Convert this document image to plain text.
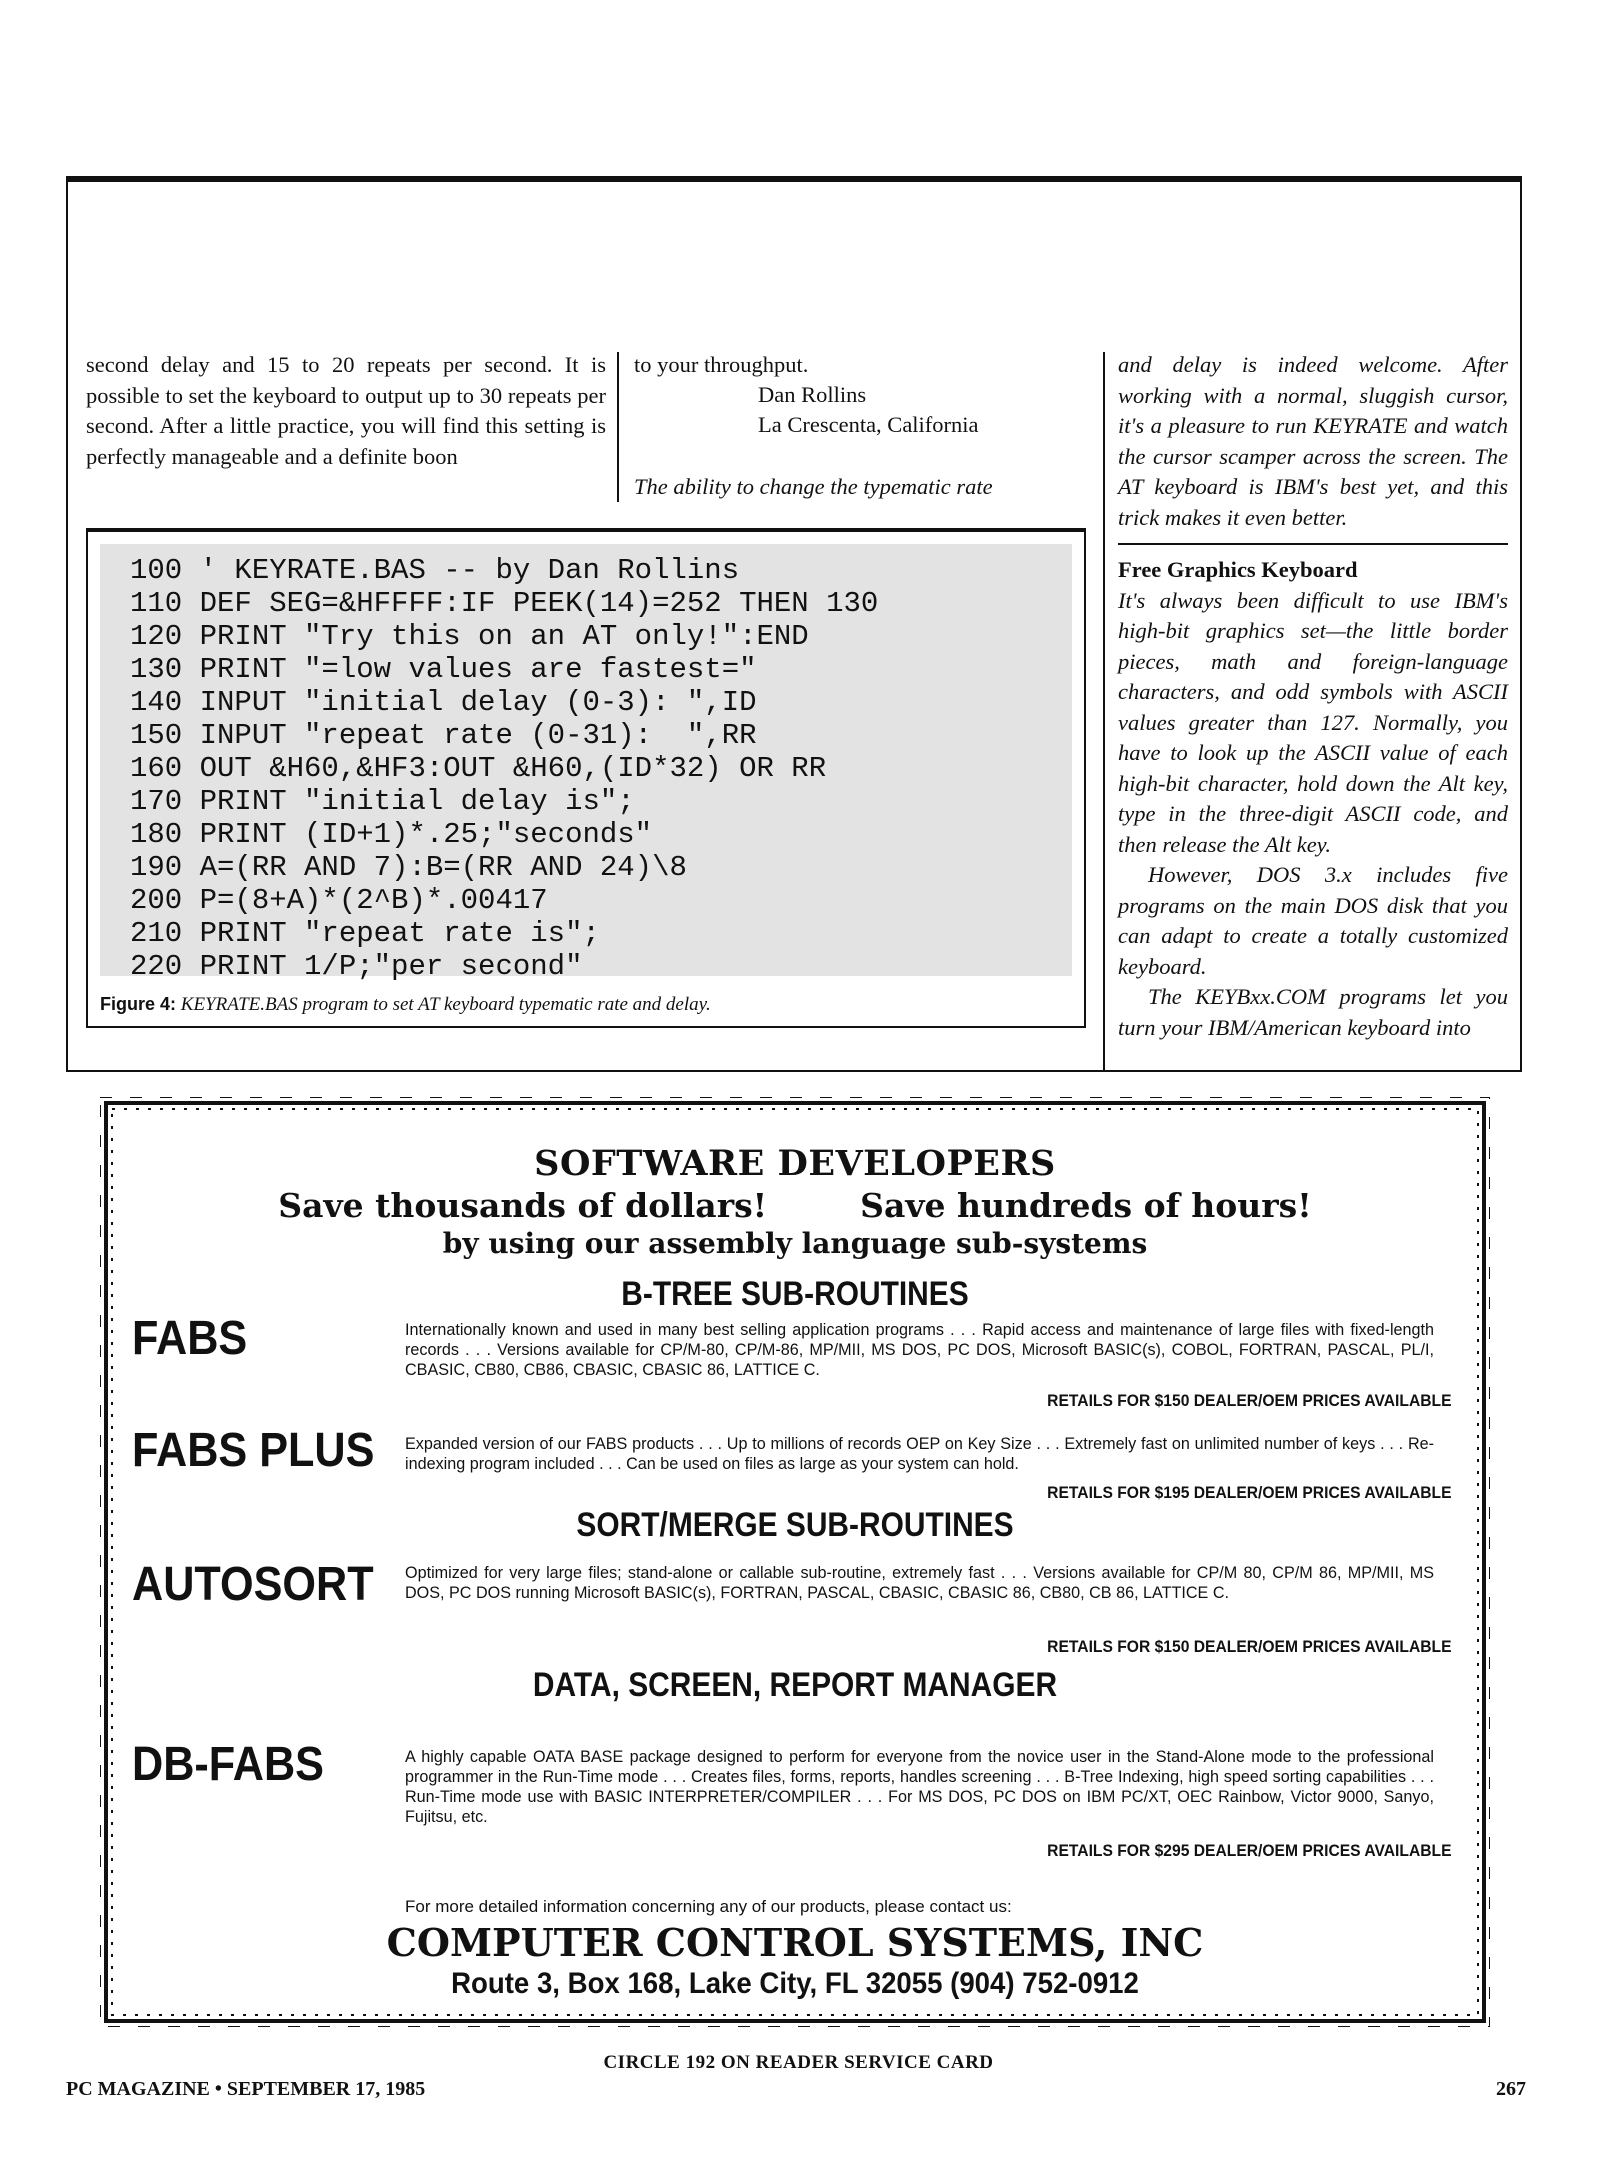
second delay and 15 to 20 repeats per second. It is possible to set the keyboard to output up to 30 repeats per second. After a little practice, you will find this setting is perfectly manageable and a definite boon

to your throughput.

Dan Rollins
La Crescenta, California
The ability to change the typematic rate

and delay is indeed welcome. After working with a normal, sluggish cursor, it's a pleasure to run KEYRATE and watch the cursor scamper across the screen. The AT keyboard is IBM's best yet, and this trick makes it even better.

Free Graphics Keyboard

It's always been difficult to use IBM's high-bit graphics set—the little border pieces, math and foreign-language characters, and odd symbols with ASCII values greater than 127. Normally, you have to look up the ASCII value of each high-bit character, hold down the Alt key, type in the three-digit ASCII code, and then release the Alt key.

However, DOS 3.x includes five programs on the main DOS disk that you can adapt to create a totally customized keyboard.

The KEYBxx.COM programs let you turn your IBM/American keyboard into

100 ' KEYRATE.BAS -- by Dan Rollins
110 DEF SEG=&HFFFF:IF PEEK(14)=252 THEN 130
120 PRINT "Try this on an AT only!":END
130 PRINT "=low values are fastest="
140 INPUT "initial delay (0-3): ",ID
150 INPUT "repeat rate (0-31):  ",RR
160 OUT &H60,&HF3:OUT &H60,(ID*32) OR RR
170 PRINT "initial delay is";
180 PRINT (ID+1)*.25;"seconds"
190 A=(RR AND 7):B=(RR AND 24)\8
200 P=(8+A)*(2^B)*.00417
210 PRINT "repeat rate is";
220 PRINT 1/P;"per second"
Figure 4: KEYRATE.BAS program to set AT keyboard typematic rate and delay.
SOFTWARE DEVELOPERS
Save thousands of dollars!	Save hundreds of hours!
by using our assembly language sub-systems
B-TREE SUB-ROUTINES
FABS	Internationally known and used in many best selling application programs . . . Rapid access and maintenance of large files with fixed-length records . . . Versions available for CP/M-80, CP/M-86, MP/MII, MS DOS, PC DOS, Microsoft BASIC(s), COBOL, FORTRAN, PASCAL, PL/I, CBASIC, CB80, CB86, CBASIC, CBASIC 86, LATTICE C.
RETAILS FOR $150 DEALER/OEM PRICES AVAILABLE
FABS PLUS Expanded version of our FABS products . . . Up to millions of records OEP on Key Size . . . Extremely fast on unlimited number of keys . . . Re-indexing program included . . . Can be used on files as large as your system can hold.
RETAILS FOR $195 DEALER/OEM PRICES AVAILABLE
SORT/MERGE SUB-ROUTINES
AUTOSORT Optimized for very large files; stand-alone or callable sub-routine, extremely fast . . . Versions available for CP/M 80, CP/M 86, MP/MII, MS DOS, PC DOS running Microsoft BASIC(s), FORTRAN, PASCAL, CBASIC, CBASIC 86, CB80, CB 86, LATTICE C.
RETAILS FOR $150 DEALER/OEM PRICES AVAILABLE
DATA, SCREEN, REPORT MANAGER
DB-FABS	A highly capable OATA BASE package designed to perform for everyone from the novice user in the Stand-Alone mode to the professional programmer in the Run-Time mode . . . Creates files, forms, reports, handles screening . . . B-Tree Indexing, high speed sorting capabilities . . . Run-Time mode use with BASIC INTERPRETER/COMPILER . . . For MS DOS, PC DOS on IBM PC/XT, OEC Rainbow, Victor 9000, Sanyo, Fujitsu, etc.
RETAILS FOR $295 DEALER/OEM PRICES AVAILABLE
For more detailed information concerning any of our products, please contact us:
COMPUTER CONTROL SYSTEMS, INC
Route 3, Box 168, Lake City, FL 32055 (904) 752-0912
CIRCLE 192 ON READER SERVICE CARD
PC MAGAZINE • SEPTEMBER 17, 1985	267
